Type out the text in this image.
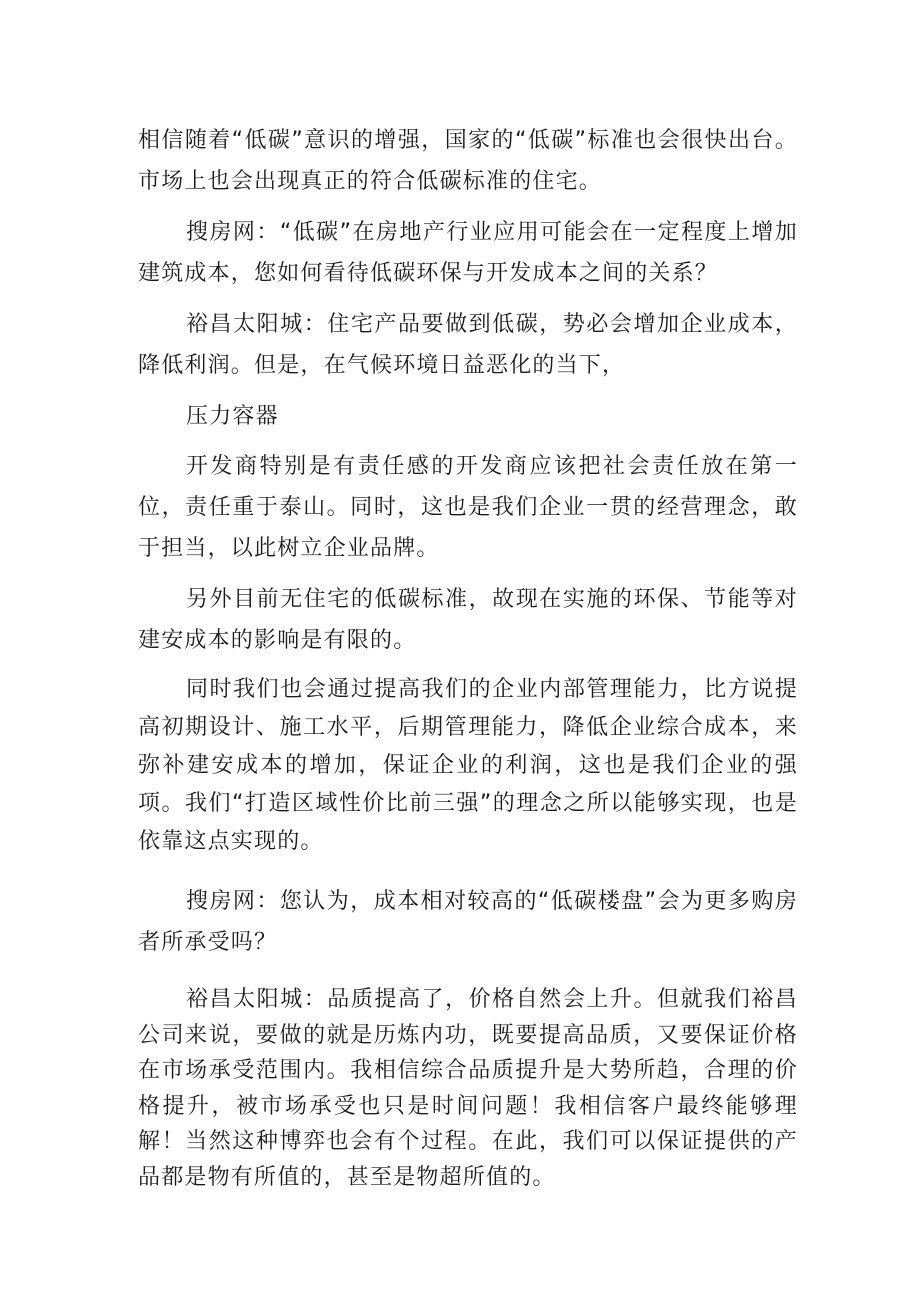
相信随着“低碳”意识的增强，国家的“低碳”标准也会很快出台。市场上也会出现真正的符合低碳标准的住宅。

搜房网：“低碳”在房地产行业应用可能会在一定程度上增加建筑成本，您如何看待低碳环保与开发成本之间的关系？

裕昌太阳城：住宅产品要做到低碳，势必会增加企业成本，降低利润。但是，在气候环境日益恶化的当下，

压力容器

开发商特别是有责任感的开发商应该把社会责任放在第一位，责任重于泰山。同时，这也是我们企业一贯的经营理念，敢于担当，以此树立企业品牌。

另外目前无住宅的低碳标准，故现在实施的环保、节能等对建安成本的影响是有限的。

同时我们也会通过提高我们的企业内部管理能力，比方说提高初期设计、施工水平，后期管理能力，降低企业综合成本，来弥补建安成本的增加，保证企业的利润，这也是我们企业的强项。我们“打造区域性价比前三强”的理念之所以能够实现，也是依靠这点实现的。

搜房网：您认为，成本相对较高的“低碳楼盘”会为更多购房者所承受吗？

裕昌太阳城：品质提高了，价格自然会上升。但就我们裕昌公司来说，要做的就是历炼内功，既要提高品质，又要保证价格在市场承受范围内。我相信综合品质提升是大势所趋，合理的价格提升，被市场承受也只是时间问题！我相信客户最终能够理解！当然这种博弈也会有个过程。在此，我们可以保证提供的产品都是物有所值的，甚至是物超所值的。
